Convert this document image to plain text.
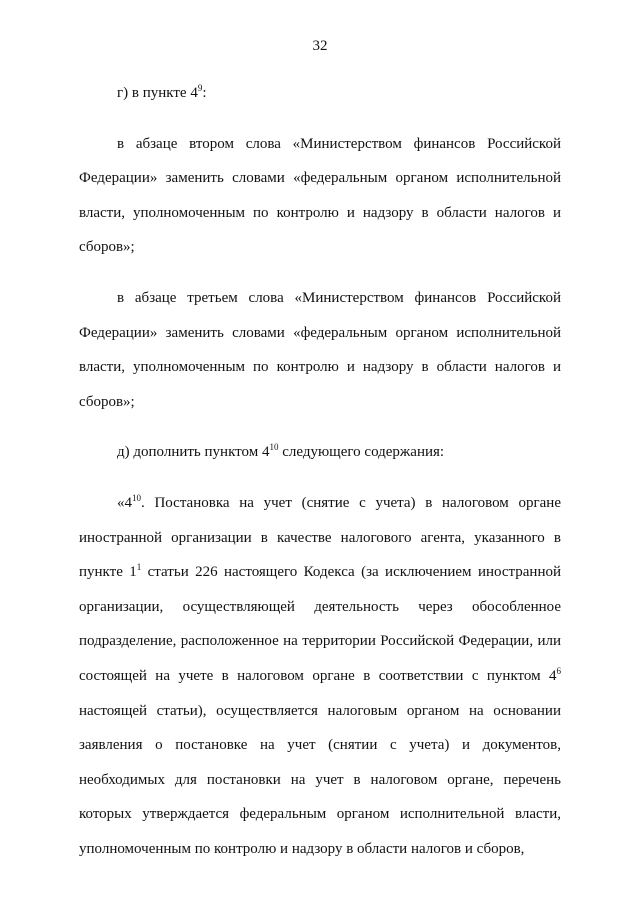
32

г) в пункте $4^9$:

в абзаце втором слова «Министерством финансов Российской Федерации» заменить словами «федеральным органом исполнительной власти, уполномоченным по контролю и надзору в области налогов и сборов»;

в абзаце третьем слова «Министерством финансов Российской Федерации» заменить словами «федеральным органом исполнительной власти, уполномоченным по контролю и надзору в области налогов и сборов»;

д) дополнить пунктом $4^{10}$ следующего содержания:

«$4^{10}$. Постановка на учет (снятие с учета) в налоговом органе иностранной организации в качестве налогового агента, указанного в пункте $1^1$ статьи 226 настоящего Кодекса (за исключением иностранной организации, осуществляющей деятельность через обособленное подразделение, расположенное на территории Российской Федерации, или состоящей на учете в налоговом органе в соответствии с пунктом $4^6$ настоящей статьи), осуществляется налоговым органом на основании заявления о постановке на учет (снятии с учета) и документов, необходимых для постановки на учет в налоговом органе, перечень которых утверждается федеральным органом исполнительной власти, уполномоченным по контролю и надзору в области налогов и сборов,
